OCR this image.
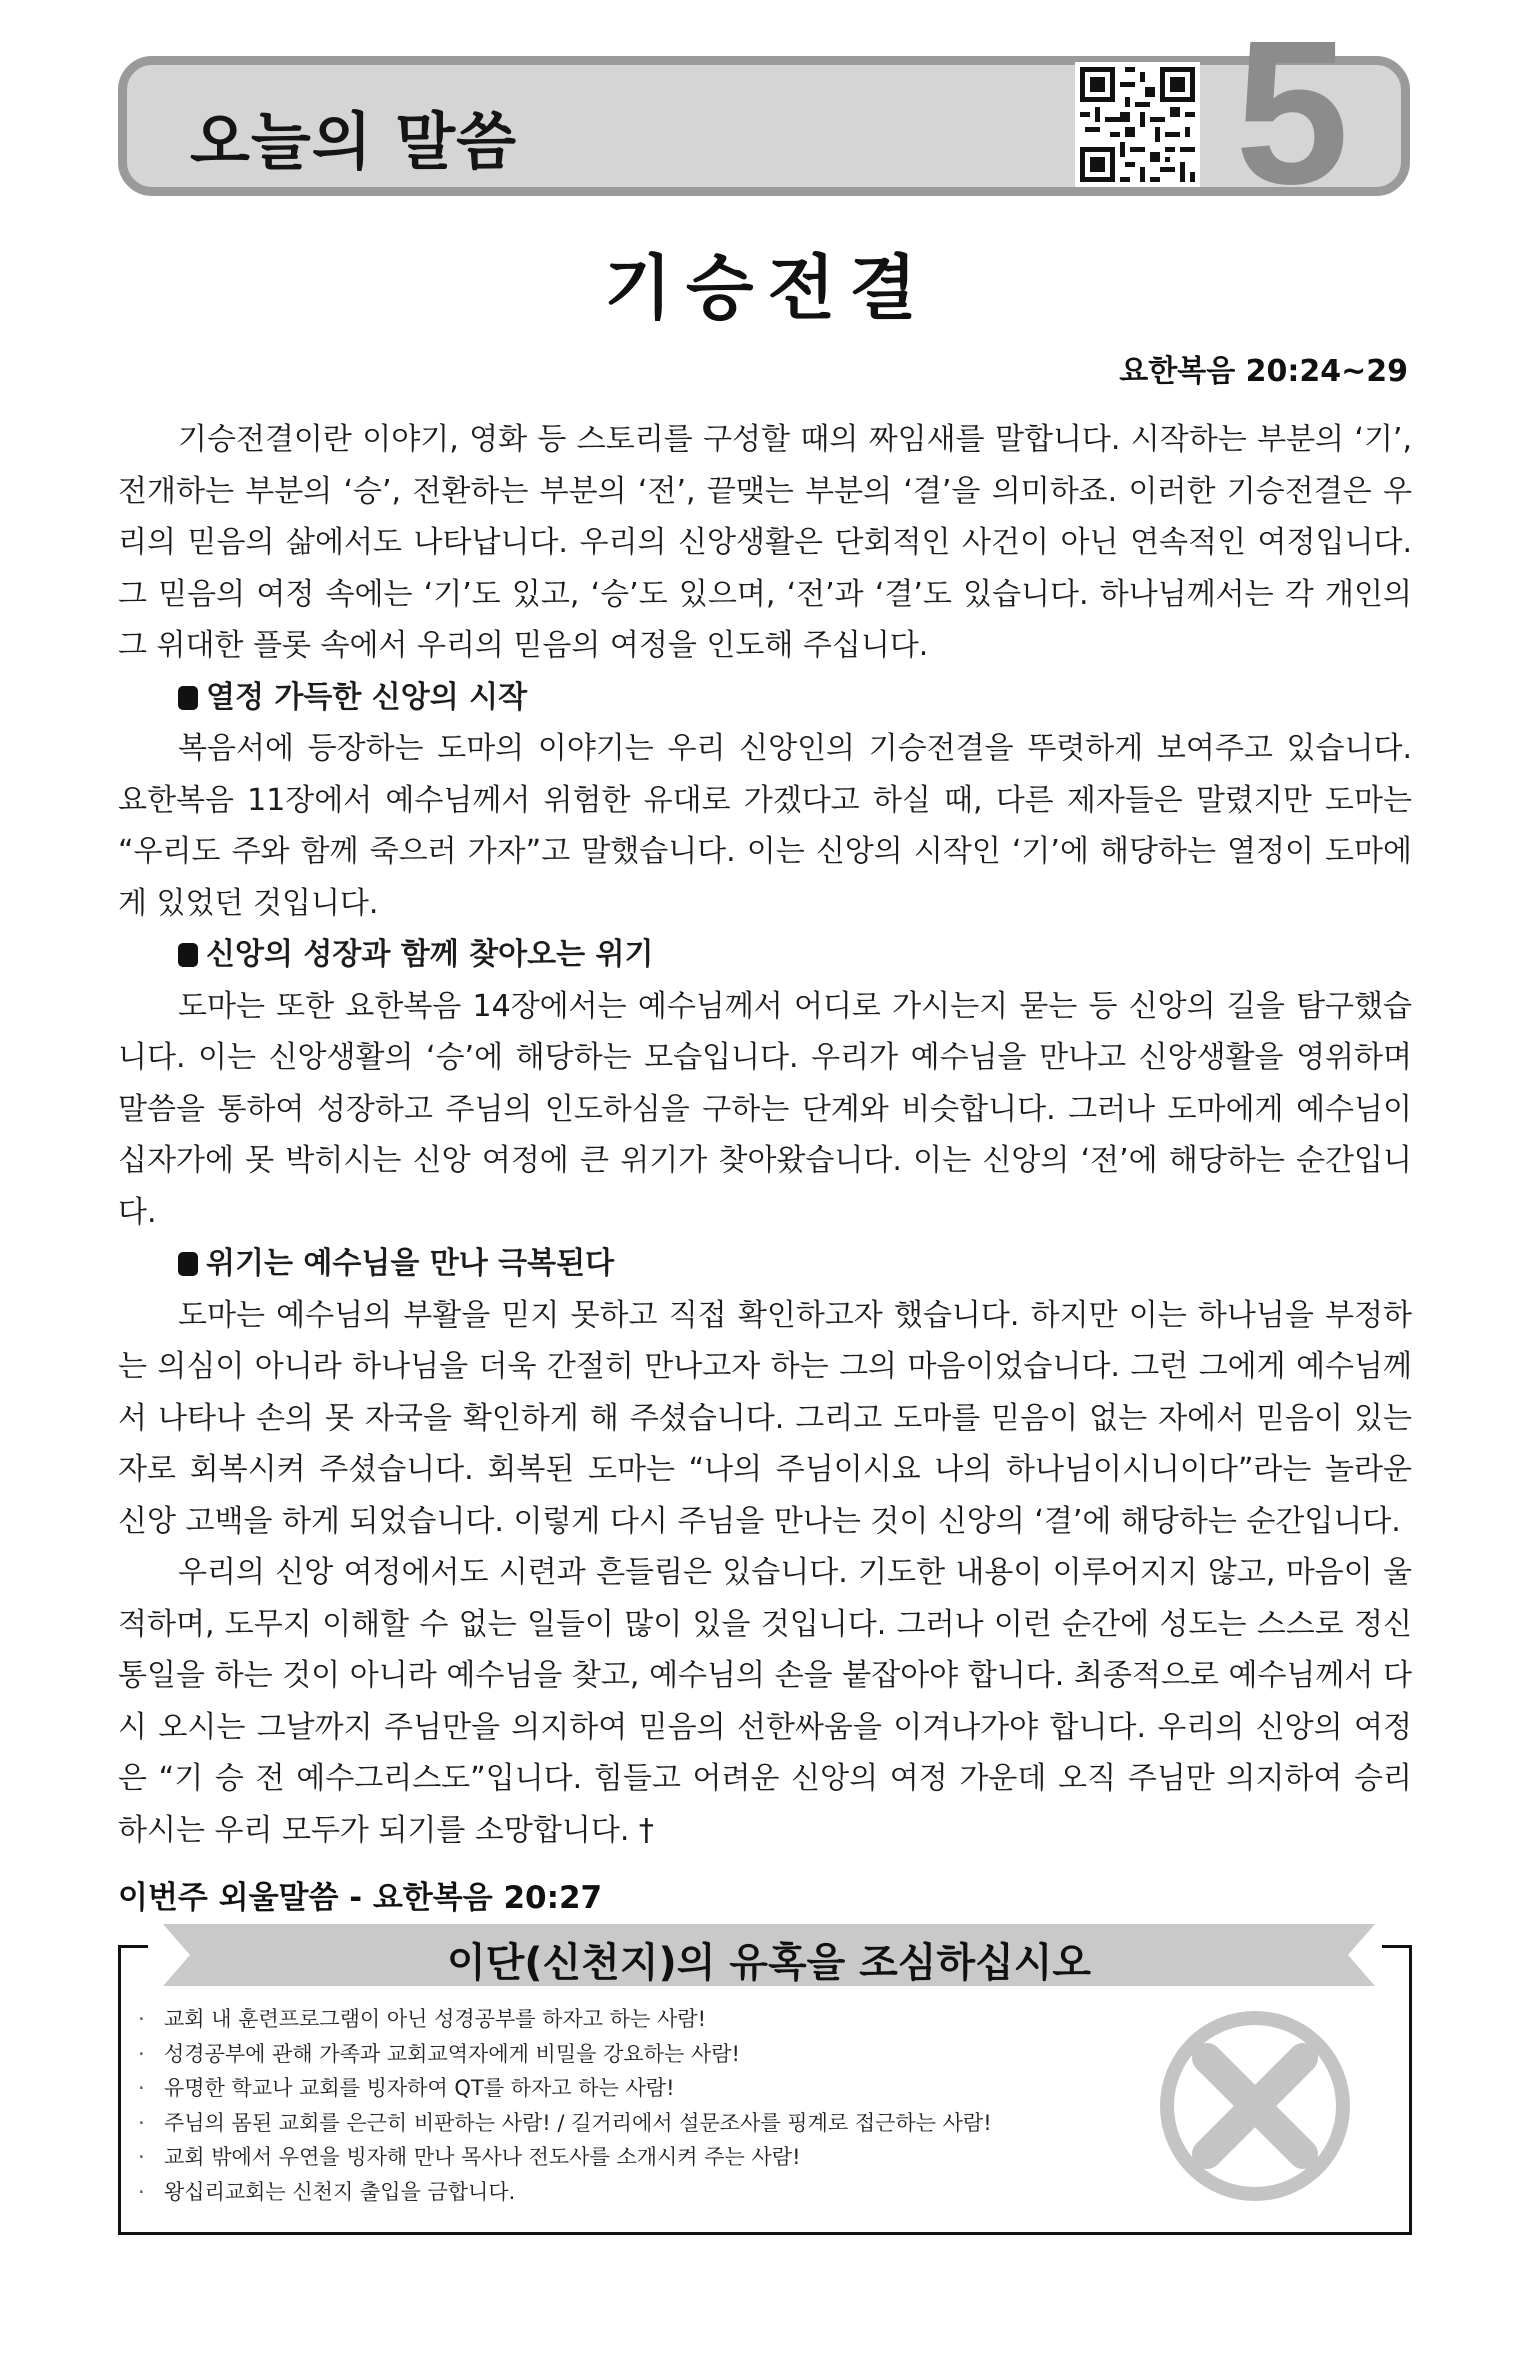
오늘의 말씀	5
기승전결
요한복음 20:24~29

기승전결이란 이야기, 영화 등 스토리를 구성할 때의 짜임새를 말합니다. 시작하는 부분의 ‘기’, 전개하는 부분의 ‘승’, 전환하는 부분의 ‘전’, 끝맺는 부분의 ‘결’을 의미하죠. 이러한 기승전결은 우리의 믿음의 삶에서도 나타납니다. 우리의 신앙생활은 단회적인 사건이 아닌 연속적인 여정입니다. 그 믿음의 여정 속에는 ‘기’도 있고, ‘승’도 있으며, ‘전’과 ‘결’도 있습니다. 하나님께서는 각 개인의 그 위대한 플롯 속에서 우리의 믿음의 여정을 인도해 주십니다.

열정 가득한 신앙의 시작

복음서에 등장하는 도마의 이야기는 우리 신앙인의 기승전결을 뚜렷하게 보여주고 있습니다. 요한복음 11장에서 예수님께서 위험한 유대로 가겠다고 하실 때, 다른 제자들은 말렸지만 도마는 “우리도 주와 함께 죽으러 가자”고 말했습니다. 이는 신앙의 시작인 ‘기’에 해당하는 열정이 도마에게 있었던 것입니다.

신앙의 성장과 함께 찾아오는 위기

도마는 또한 요한복음 14장에서는 예수님께서 어디로 가시는지 묻는 등 신앙의 길을 탐구했습니다. 이는 신앙생활의 ‘승’에 해당하는 모습입니다. 우리가 예수님을 만나고 신앙생활을 영위하며 말씀을 통하여 성장하고 주님의 인도하심을 구하는 단계와 비슷합니다. 그러나 도마에게 예수님이 십자가에 못 박히시는 신앙 여정에 큰 위기가 찾아왔습니다. 이는 신앙의 ‘전’에 해당하는 순간입니다.

위기는 예수님을 만나 극복된다

도마는 예수님의 부활을 믿지 못하고 직접 확인하고자 했습니다. 하지만 이는 하나님을 부정하는 의심이 아니라 하나님을 더욱 간절히 만나고자 하는 그의 마음이었습니다. 그런 그에게 예수님께서 나타나 손의 못 자국을 확인하게 해 주셨습니다. 그리고 도마를 믿음이 없는 자에서 믿음이 있는 자로 회복시켜 주셨습니다. 회복된 도마는 “나의 주님이시요 나의 하나님이시니이다”라는 놀라운 신앙 고백을 하게 되었습니다. 이렇게 다시 주님을 만나는 것이 신앙의 ‘결’에 해당하는 순간입니다.

우리의 신앙 여정에서도 시련과 흔들림은 있습니다. 기도한 내용이 이루어지지 않고, 마음이 울적하며, 도무지 이해할 수 없는 일들이 많이 있을 것입니다. 그러나 이런 순간에 성도는 스스로 정신 통일을 하는 것이 아니라 예수님을 찾고, 예수님의 손을 붙잡아야 합니다. 최종적으로 예수님께서 다시 오시는 그날까지 주님만을 의지하여 믿음의 선한싸움을 이겨나가야 합니다. 우리의 신앙의 여정은 “기 승 전 예수그리스도”입니다. 힘들고 어려운 신앙의 여정 가운데 오직 주님만 의지하여 승리하시는 우리 모두가 되기를 소망합니다. †

이번주 외울말씀 - 요한복음 20:27
이단(신천지)의 유혹을 조심하십시오
· 교회 내 훈련프로그램이 아닌 성경공부를 하자고 하는 사람!
· 성경공부에 관해 가족과 교회교역자에게 비밀을 강요하는 사람!
· 유명한 학교나 교회를 빙자하여 QT를 하자고 하는 사람!
· 주님의 몸된 교회를 은근히 비판하는 사람! / 길거리에서 설문조사를 핑계로 접근하는 사람!
· 교회 밖에서 우연을 빙자해 만나 목사나 전도사를 소개시켜 주는 사람!
· 왕십리교회는 신천지 출입을 금합니다.
